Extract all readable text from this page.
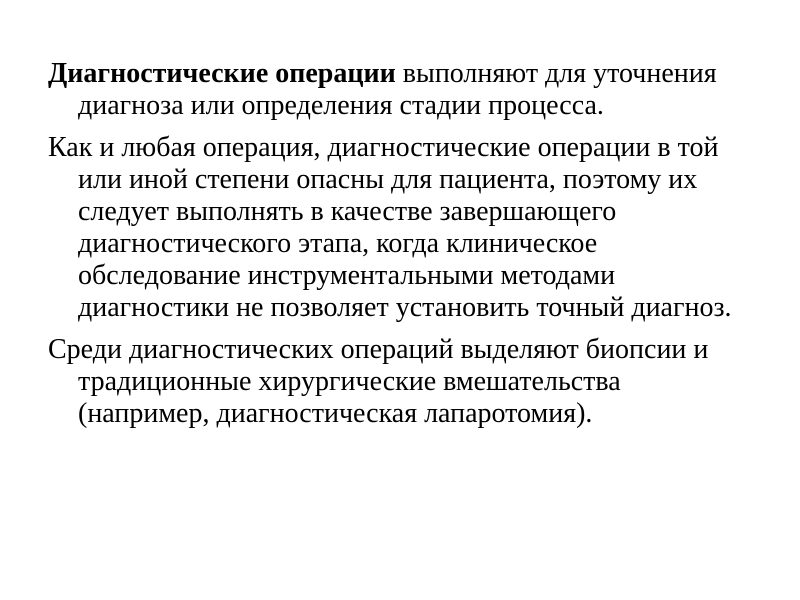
Диагностические операции выполняют для уточнения диагноза или определения стадии процесса.

Как и любая операция, диагностические операции в той или иной степени опасны для пациента, поэтому их следует выполнять в качестве завершающего диагностического этапа, когда клиническое обследование инструментальными методами диагностики не позволяет установить точный диагноз.

Среди диагностических операций выделяют биопсии и традиционные хирургические вмешательства (например, диагностическая лапаротомия).
